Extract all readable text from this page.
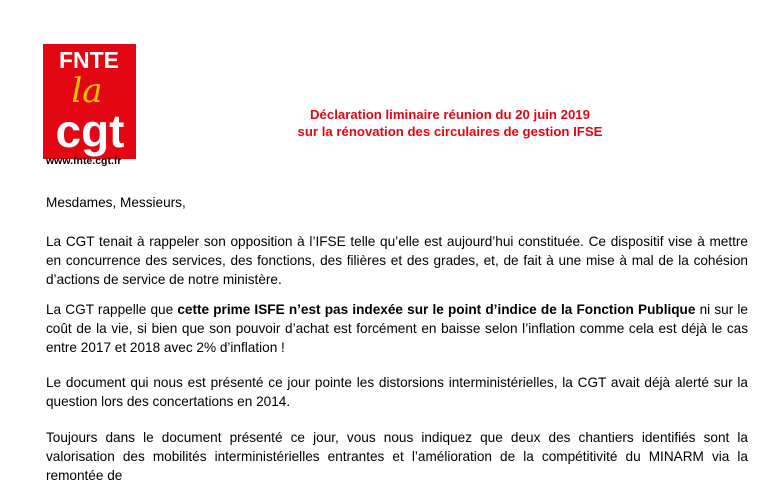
FNTE
la
cgt
www.fnte.cgt.fr
Déclaration liminaire réunion du 20 juin 2019
sur la rénovation des circulaires de gestion IFSE
Mesdames, Messieurs,
La CGT tenait à rappeler son opposition à l’IFSE telle qu’elle est aujourd’hui constituée. Ce dispositif vise à mettre en concurrence des services, des fonctions, des filières et des grades, et, de fait à une mise à mal de la cohésion d’actions de service de notre ministère.
La CGT rappelle que cette prime ISFE n’est pas indexée sur le point d’indice de la Fonction Publique ni sur le coût de la vie, si bien que son pouvoir d’achat est forcément en baisse selon l’inflation comme cela est déjà le cas entre 2017 et 2018 avec 2% d’inflation !
Le document qui nous est présenté ce jour pointe les distorsions interministérielles, la CGT avait déjà alerté sur la question lors des concertations en 2014.
Toujours dans le document présenté ce jour, vous nous indiquez que deux des chantiers identifiés sont la valorisation des mobilités interministérielles entrantes et l’amélioration de la compétitivité du MINARM via la remontée de
